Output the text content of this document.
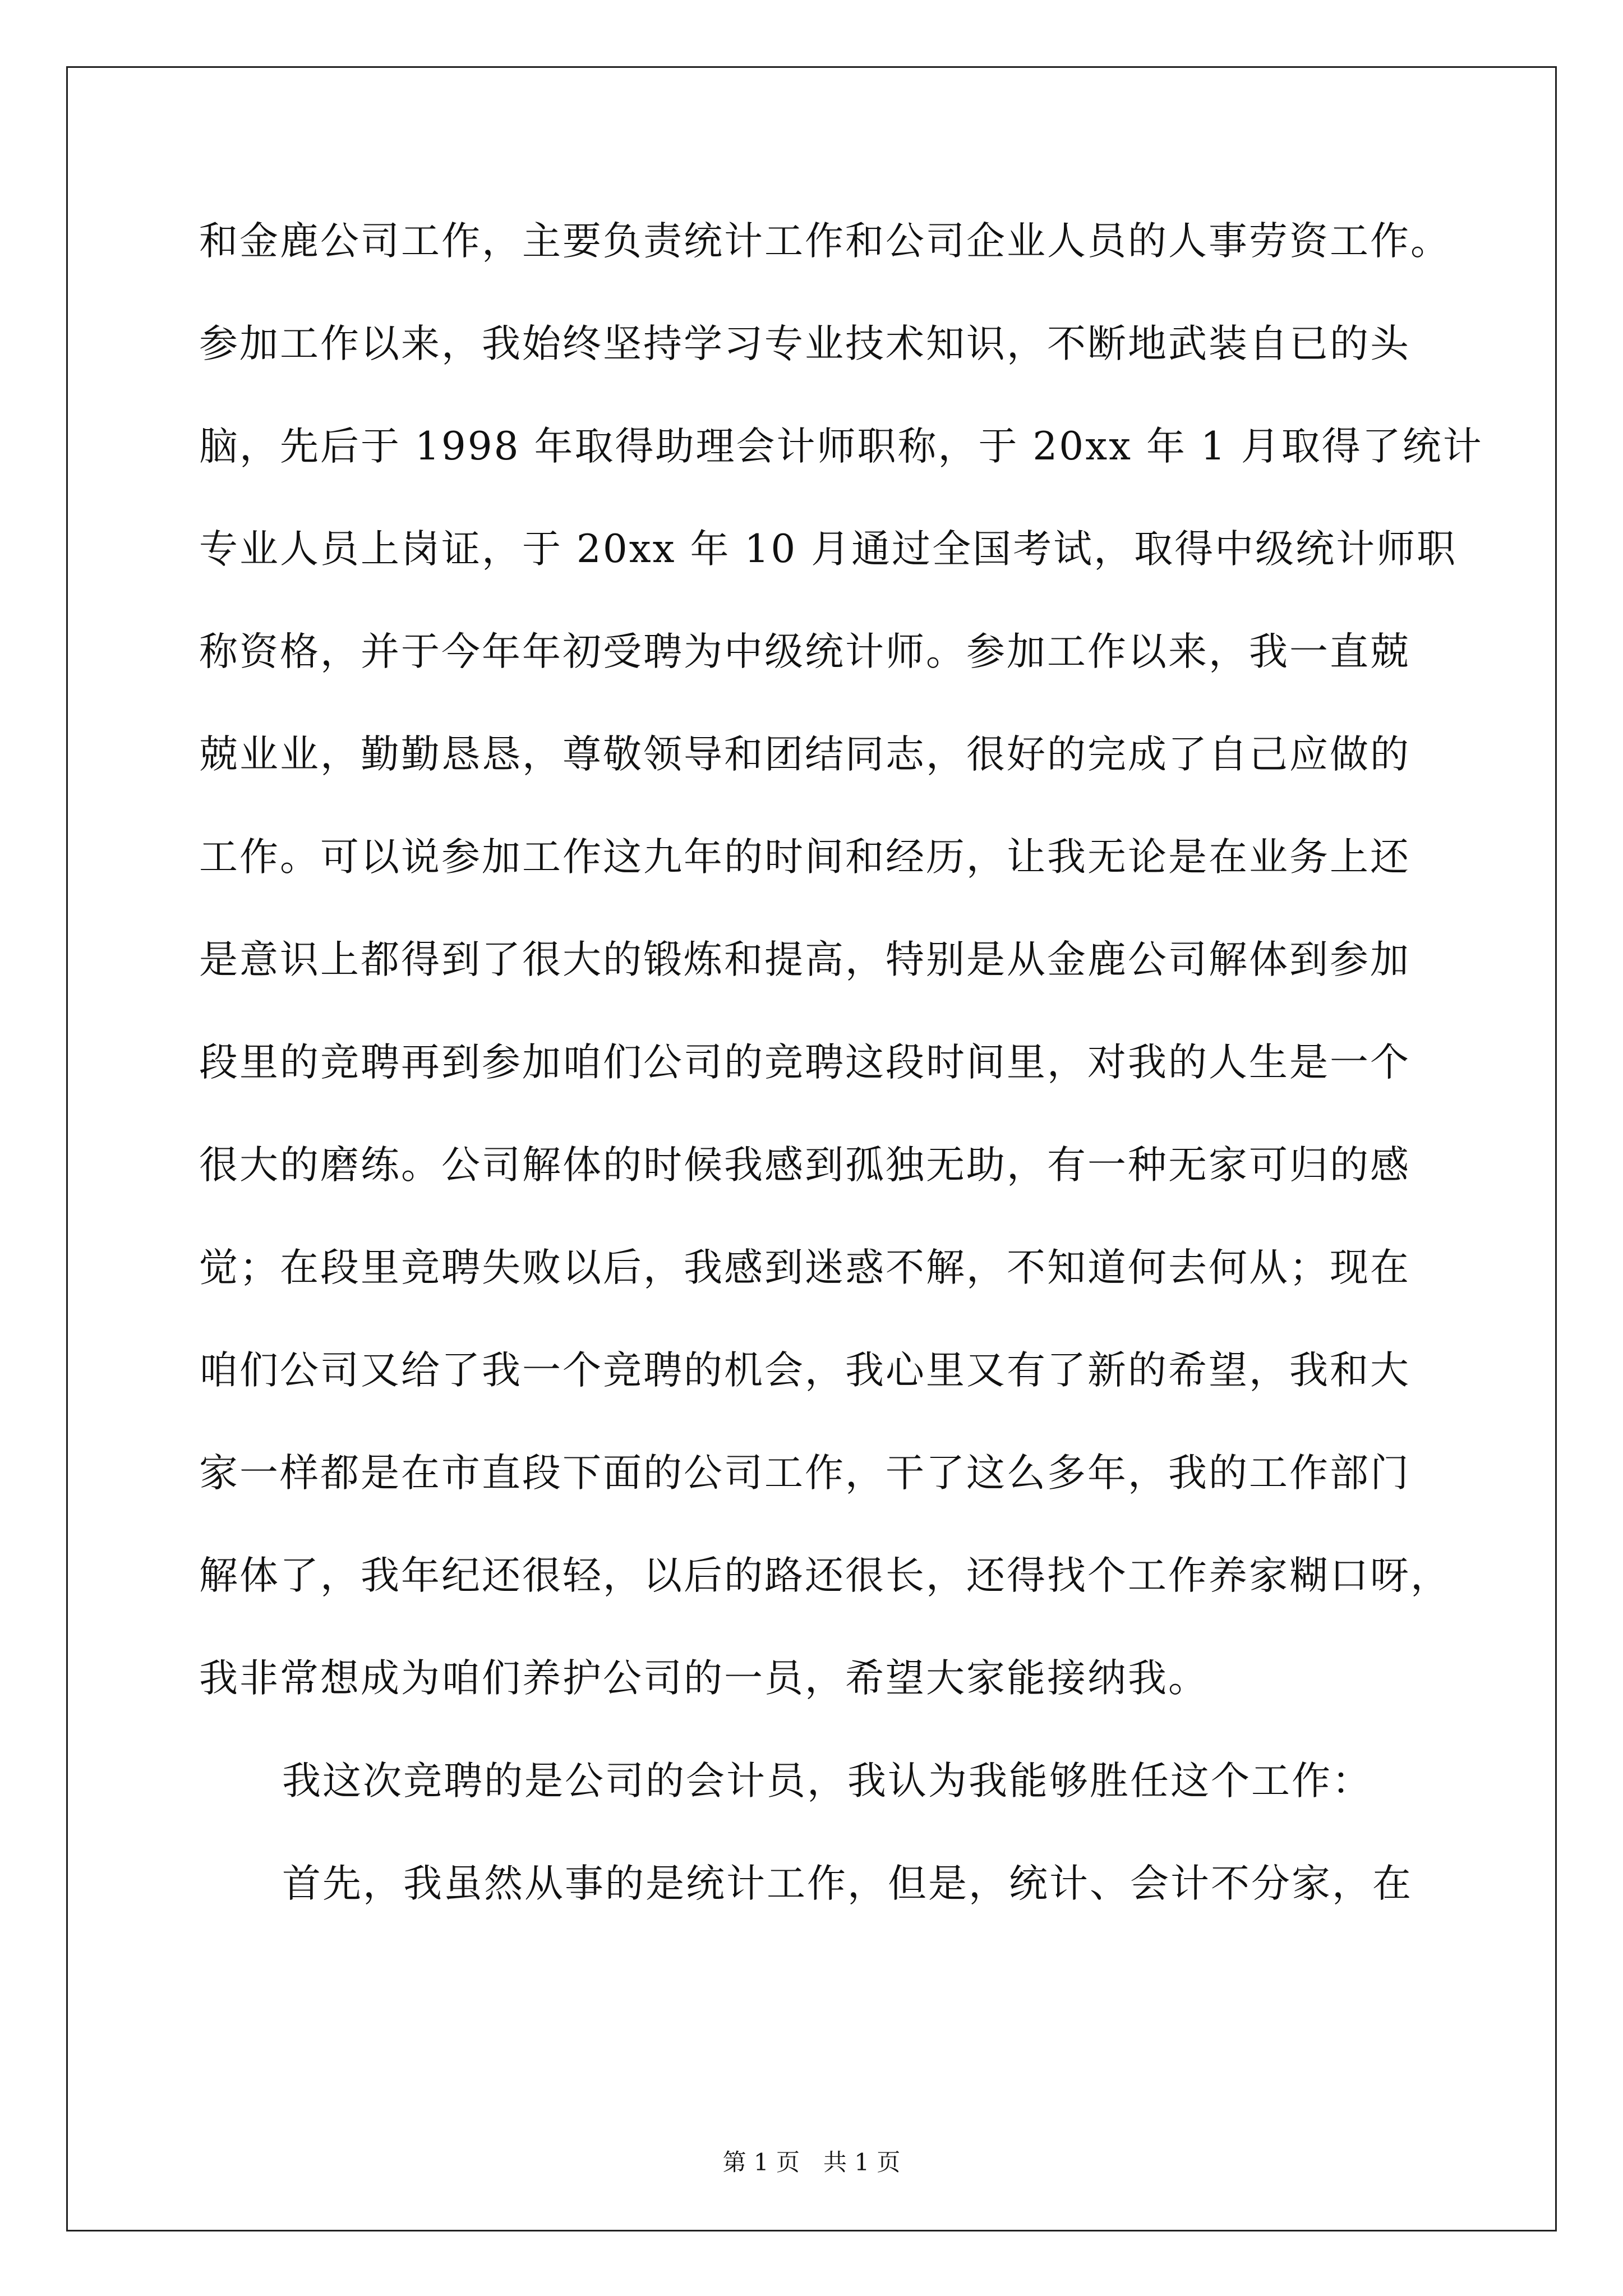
和金鹿公司工作，主要负责统计工作和公司企业人员的人事劳资工作。
参加工作以来，我始终坚持学习专业技术知识，不断地武装自已的头
脑，先后于 1998 年取得助理会计师职称，于 20xx 年 1 月取得了统计
专业人员上岗证，于 20xx 年 10 月通过全国考试，取得中级统计师职
称资格，并于今年年初受聘为中级统计师。参加工作以来，我一直兢
兢业业，勤勤恳恳，尊敬领导和团结同志，很好的完成了自己应做的
工作。可以说参加工作这九年的时间和经历，让我无论是在业务上还
是意识上都得到了很大的锻炼和提高，特别是从金鹿公司解体到参加
段里的竞聘再到参加咱们公司的竞聘这段时间里，对我的人生是一个
很大的磨练。公司解体的时候我感到孤独无助，有一种无家可归的感
觉；在段里竞聘失败以后，我感到迷惑不解，不知道何去何从；现在
咱们公司又给了我一个竞聘的机会，我心里又有了新的希望，我和大
家一样都是在市直段下面的公司工作，干了这么多年，我的工作部门
解体了，我年纪还很轻，以后的路还很长，还得找个工作养家糊口呀，
我非常想成为咱们养护公司的一员，希望大家能接纳我。
我这次竞聘的是公司的会计员，我认为我能够胜任这个工作：
首先，我虽然从事的是统计工作，但是，统计、会计不分家，在
第 1 页　共 1 页
